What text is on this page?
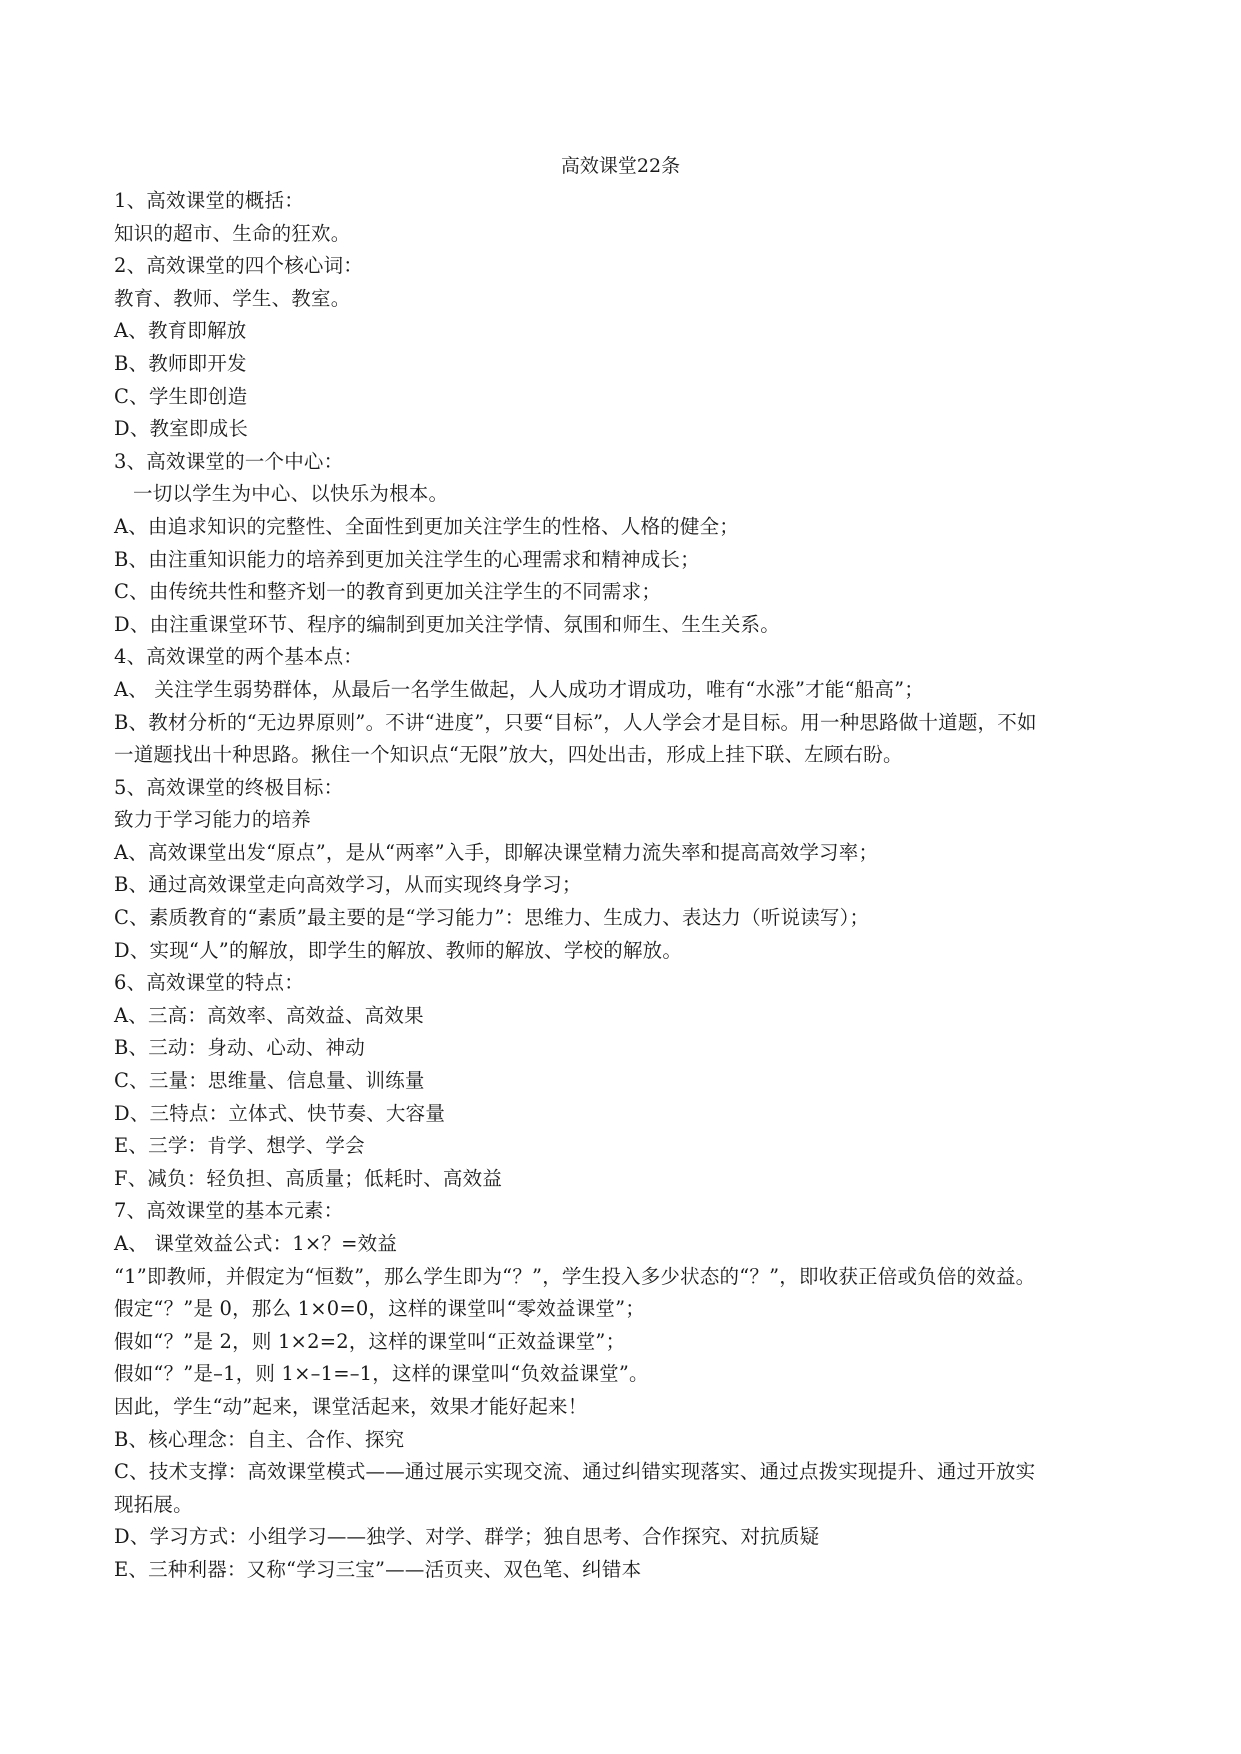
高效课堂22条
1、高效课堂的概括：
知识的超市、生命的狂欢。
2、高效课堂的四个核心词：
教育、教师、学生、教室。
A、教育即解放
B、教师即开发
C、学生即创造
D、教室即成长
3、高效课堂的一个中心：
一切以学生为中心、以快乐为根本。
A、由追求知识的完整性、全面性到更加关注学生的性格、人格的健全；
B、由注重知识能力的培养到更加关注学生的心理需求和精神成长；
C、由传统共性和整齐划一的教育到更加关注学生的不同需求；
D、由注重课堂环节、程序的编制到更加关注学情、氛围和师生、生生关系。
4、高效课堂的两个基本点：
A、 关注学生弱势群体，从最后一名学生做起，人人成功才谓成功，唯有“水涨”才能“船高”；
B、教材分析的“无边界原则”。不讲“进度”，只要“目标”，人人学会才是目标。用一种思路做十道题，不如
一道题找出十种思路。揪住一个知识点“无限”放大，四处出击，形成上挂下联、左顾右盼。
5、高效课堂的终极目标：
致力于学习能力的培养
A、高效课堂出发“原点”，是从“两率”入手，即解决课堂精力流失率和提高高效学习率；
B、通过高效课堂走向高效学习，从而实现终身学习；
C、素质教育的“素质”最主要的是“学习能力”：思维力、生成力、表达力（听说读写）；
D、实现“人”的解放，即学生的解放、教师的解放、学校的解放。
6、高效课堂的特点：
A、三高：高效率、高效益、高效果
B、三动：身动、心动、神动
C、三量：思维量、信息量、训练量
D、三特点：立体式、快节奏、大容量
E、三学：肯学、想学、学会
F、减负：轻负担、高质量；低耗时、高效益
7、高效课堂的基本元素：
A、 课堂效益公式：1×？=效益
“1”即教师，并假定为“恒数”，那么学生即为“？”，学生投入多少状态的“？”，即收获正倍或负倍的效益。
假定“？”是 0，那么 1×0=0，这样的课堂叫“零效益课堂”；
假如“？”是 2，则 1×2=2，这样的课堂叫“正效益课堂”；
假如“？”是–1，则 1×–1=–1，这样的课堂叫“负效益课堂”。
因此，学生“动”起来，课堂活起来，效果才能好起来！
B、核心理念：自主、合作、探究
C、技术支撑：高效课堂模式——通过展示实现交流、通过纠错实现落实、通过点拨实现提升、通过开放实
现拓展。
D、学习方式：小组学习——独学、对学、群学；独自思考、合作探究、对抗质疑
E、三种利器：又称“学习三宝”——活页夹、双色笔、纠错本
